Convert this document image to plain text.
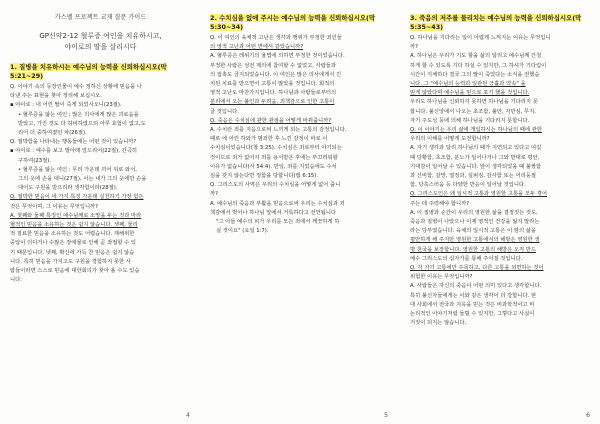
가스펠 프로젝트 교재 질문 가이드
GP신약2-12 혈루증 여인을 치유하시고,
야이로의 딸을 살리시다
1. 질병을 치유하시는 예수님의 능력을 신뢰하십시오(막 5:21~29)
Q. 이야기 속의 등장인물이 예수 정하신 상황에 믿음을 나
타낸 주는 표현을 찾아 정리해 보십시오.
▪ 야이로 : 내 어린 딸이 죽게 되었사오니(23절).
• 혈루증을 앓는 여인 : 많은 의사에게 많은 괴로움을
받았고, 가진 것도 다 허비하였으되 아무 효험이 없고,도
리어 더 중하여졌던 차(26절).
Q. 절박함을 나타내는 행동들에는 어떤 것이 있습니까?
▪ 야이로 : 예수를 보고 발아래 엎드리어(22절), 간곡히
구하여(23절).
• 혈루증을 앓는 여인 : 무리 가운데 끼어 뒤로 와서,
그의 옷에 손을 대니(27절), 이는 내가 그의 옷에만 손을
대어도 구원을 받으리라 생각함이라(28절).
Q. 절박한 믿음이 네 가지 특징 가운데 실천하기 가장 힘든
것은 무엇이며, 그 이유는 무엇입니까?
A. 첫째와 둘째 특징인 예수님께로 소망을 두는 것과 마라
혈적인 믿음을 소유하는 것은 쉽지 않습니다. 셋째, 물리
적 질료한 믿음을 소유하는 것도 어렵습니다. 재해위한
중압이 더디거나 수많은 장애물로 인해 곧 좌절할 수 있
기 때문입니다. 넷째, 확신에 가득 찬 믿음은 쉽지 않습
니다. 특히 믿음을 가지고도 구원을 경험하지 못한 사
람들이라면 스스로 믿음에 대한회의가 찾아 올 수도 있습
니다.
4
2. 수치심을 없애 주시는 예수님의 능력을 신뢰하십시오(막 5:30~34)
Q. 이 여인의 육체적 고난은 생각과 행위가 부정한 죄인들
의 영적 고난과 어떤 면에서 같았습니까?
A. 혈루증은 레위기의 율법에 의하면 부정한 것이었습니다.
부정한 사람은 성전 제의에 참여할 수 없었고, 사람들과
의 접촉도 금지되었습니다. 이 여인은 많은 의사에게서 긴
치된 치료를 받으면서 고통이 많았을 것입니다. 회적의
영적 고난도 마찬가지입니다. 하나님과 사람들로부터의
분리에서 오는 불인과 두려움, 죄책감으로 인한 고통이
클 것입니다.
Q. 죽음은 수치심에 관한 관점을 어떻게 바꿔줍니까?
A. 수치란 죄를 지음으로써 느끼게 되는 고통의 감정입니다.
때로 에 어린 하와가 범죄한 후 느낀 감정이 바로 이
수치심이었습니다(창 3:25). 수치심은 죄로부터 야기되는
것이므로 죄가 없어지 죄를 용서받은 후에는 부끄러워할
이유가 없습니다(사 54:4). 만일, 죄를 지었습에도 수치
심을 갖지 않는다면 정함을 당합니다(렘 6:15).
Q. 그리스도의 사역은 우리의 수치심을 어떻게 없어 줍니
까?
A. 예수님의 죽음과 부활을 믿음으로써 우리는 수치심과 죄
책감에서 벗어나 하나님 앞에서 거룩하다고 선언됩니다
"그 아들 예수의 피가 우리를 모든 죄에서 깨끗하게 하
실 것이요" (요일 1:7).
5
3. 죽음의 저주를 물리치는 예수님의 능력을 신뢰하십시오(막 5:35~43)
Q. 하나님을 기다리는 일이 어렵게 느껴지는 이유는 무엇입니
까?
A. 하나님은 우리가 기도 할을 삶의 알리고 예수님께 간청
하게 할 수 있도록 기다 하실 수 있지만, 그 하셔가 기다림이
시간이 지체하다 결국 그의 딸이 죽었다는 소식을 전했습
니다. 그 "예수님의 능력과 일관된 긍휼과 약속" 을
믿게 않았다며 예수님을 믿으로 포기 했을 것입니다.
우리도 하나님을 신뢰하지 못하면 하나님을 기다리지 못
합니다. 불신앙에서 나오는 초조함, 불안, 자만심, 무지,
자기 주도성 등에 의해 하나님을 기다리지 못합니다.
Q. 이 이야기는 우리 삶에 개입하시는 하나님의 때에 관한
우리의 이해를 어떻게 도전합니까?
A. 자기 생각과 달리 하나님의 때가 지연되고 있다고 여길
때 당황함, 초조함, 분노가 일어나거나 그와 반대로 평안,
기대감이 일어날 수 있습니다. 앞이 생각되었을 때 불쌍함
과 신비함, 갈망, 열정과, 실퍼짐, 감사함 또는 어리둥절
함, 당혹스러움 등 다양한 반응이 일어날 것입니다.
Q. 그리스도인은 왜 일시적 고통과 영원한 고통을 모두 겪어
주는 데 주력해야 합니까?
A. 이 질병과 순간이 우리의 영원한 삶을 결정짓는 것도,
죽음과 질병이 나았으나 이제 영적인 건강을 잃지 말라는
라는 당부였습니다. 육체의 일시적 고통은 이 땅의 삶을
평안하게 해 주지만 영원한 고통에서의 해방은 영원한 생
명 천국을 보장합니다. 영원한 고통의 해방은 오직 반드
예수 그리스도의 십자가를 통해 주어질 것입니다.
Q. 각 자기 고통에만 주목하고, 다른 고통을 외면하는 것이
위험한 이유는 무엇입니까?
A. 사람들은 자신의 죽음이 어떤 의미 있다고 생각합니다.
특히 불신자들에게는 이와 같은 생각이 더 강합니다. 현
대 사회에서 전국과 지옥을 믿는 것은 비과학적이고 비
논리적인 이야기처럼 들릴 수 있지만, 그렇다고 사실이
거짓이 되지는 않습니다.
6
